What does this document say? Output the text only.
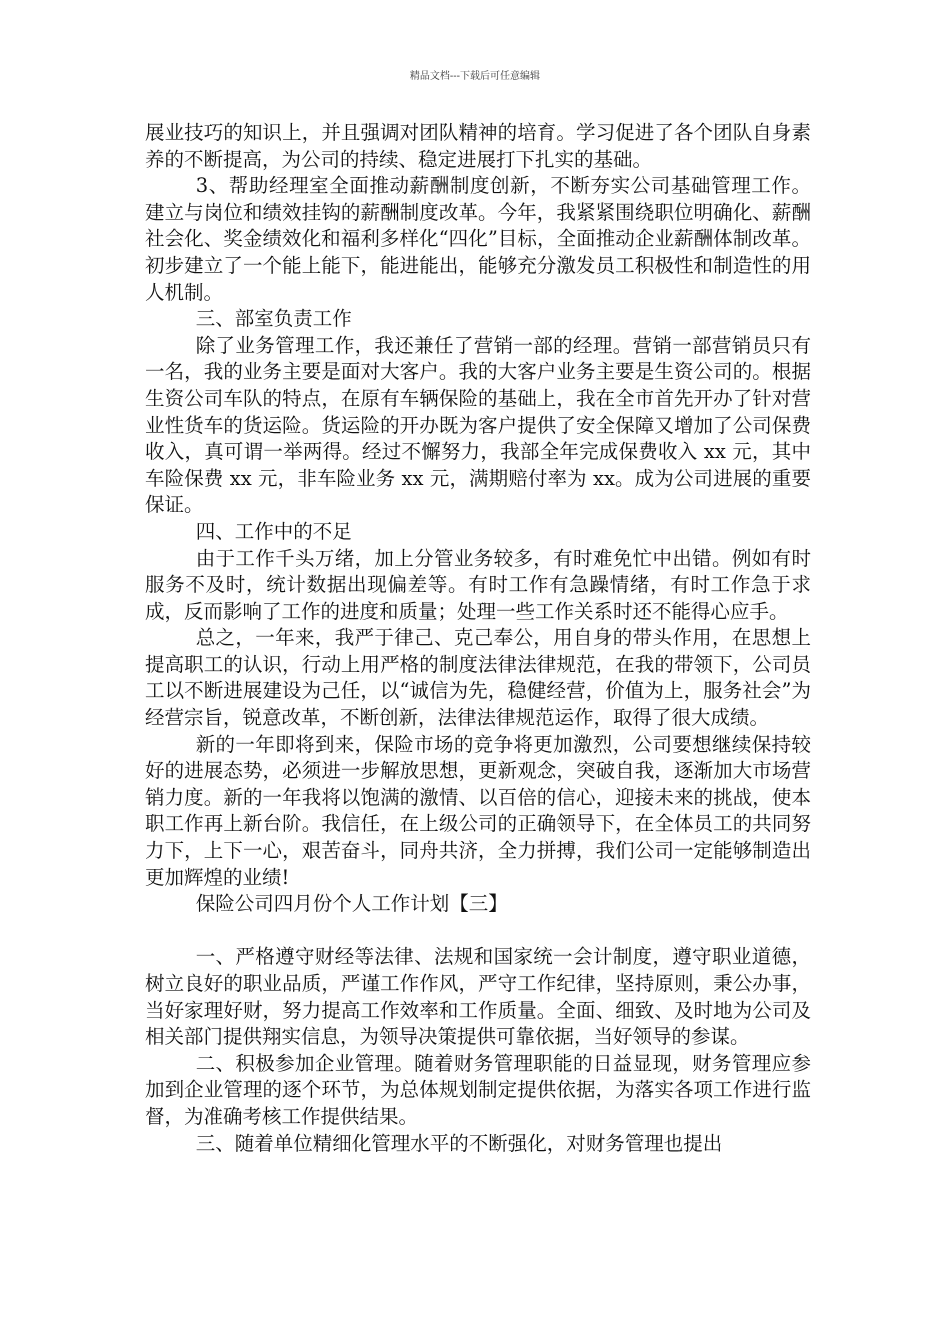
精品文档---下载后可任意编辑

展业技巧的知识上，并且强调对团队精神的培育。学习促进了各个团队自身素养的不断提高，为公司的持续、稳定进展打下扎实的基础。

3、帮助经理室全面推动薪酬制度创新，不断夯实公司基础管理工作。建立与岗位和绩效挂钩的薪酬制度改革。今年，我紧紧围绕职位明确化、薪酬社会化、奖金绩效化和福利多样化“四化”目标，全面推动企业薪酬体制改革。初步建立了一个能上能下，能进能出，能够充分激发员工积极性和制造性的用人机制。

三、部室负责工作

除了业务管理工作，我还兼任了营销一部的经理。营销一部营销员只有一名，我的业务主要是面对大客户。我的大客户业务主要是生资公司的。根据生资公司车队的特点，在原有车辆保险的基础上，我在全市首先开办了针对营业性货车的货运险。货运险的开办既为客户提供了安全保障又增加了公司保费收入，真可谓一举两得。经过不懈努力，我部全年完成保费收入 xx 元，其中车险保费 xx 元，非车险业务 xx 元，满期赔付率为 xx。成为公司进展的重要保证。

四、工作中的不足

由于工作千头万绪，加上分管业务较多，有时难免忙中出错。例如有时服务不及时，统计数据出现偏差等。有时工作有急躁情绪，有时工作急于求成，反而影响了工作的进度和质量；处理一些工作关系时还不能得心应手。

总之，一年来，我严于律己、克己奉公，用自身的带头作用，在思想上提高职工的认识，行动上用严格的制度法律法律规范，在我的带领下，公司员工以不断进展建设为己任，以“诚信为先，稳健经营，价值为上，服务社会”为经营宗旨，锐意改革，不断创新，法律法律规范运作，取得了很大成绩。

新的一年即将到来，保险市场的竞争将更加激烈，公司要想继续保持较好的进展态势，必须进一步解放思想，更新观念，突破自我，逐渐加大市场营销力度。新的一年我将以饱满的激情、以百倍的信心，迎接未来的挑战，使本职工作再上新台阶。我信任，在上级公司的正确领导下，在全体员工的共同努力下，上下一心，艰苦奋斗，同舟共济，全力拼搏，我们公司一定能够制造出更加辉煌的业绩!

保险公司四月份个人工作计划【三】

一、严格遵守财经等法律、法规和国家统一会计制度，遵守职业道德，树立良好的职业品质，严谨工作作风，严守工作纪律，坚持原则，秉公办事，当好家理好财，努力提高工作效率和工作质量。全面、细致、及时地为公司及相关部门提供翔实信息，为领导决策提供可靠依据，当好领导的参谋。

二、积极参加企业管理。随着财务管理职能的日益显现，财务管理应参加到企业管理的逐个环节，为总体规划制定提供依据，为落实各项工作进行监督，为准确考核工作提供结果。

三、随着单位精细化管理水平的不断强化，对财务管理也提出
